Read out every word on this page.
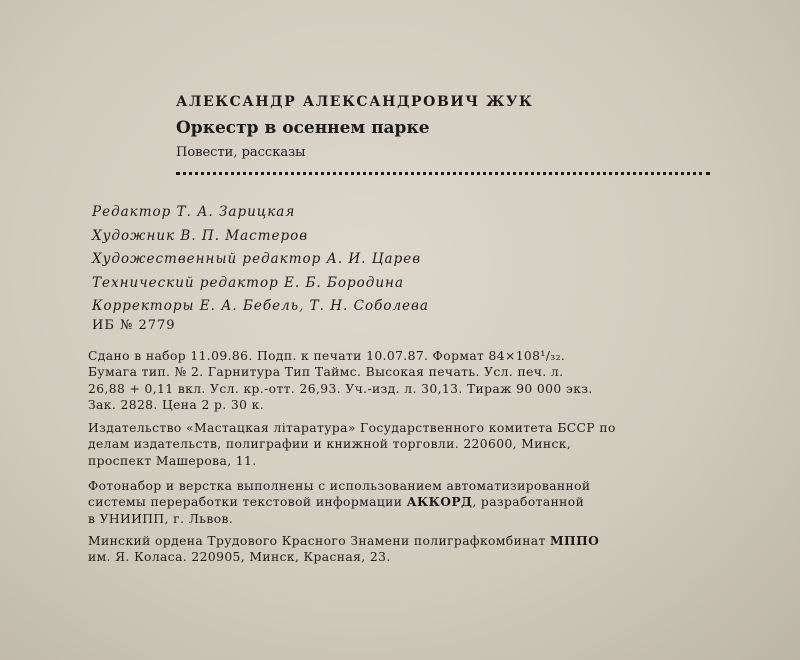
АЛЕКСАНДР АЛЕКСАНДРОВИЧ ЖУК
Оркестр в осеннем парке
Повести, рассказы
Редактор Т. А. Зарицкая
Художник В. П. Мастеров
Художественный редактор А. И. Царев
Технический редактор Е. Б. Бородина
Корректоры Е. А. Бебель, Т. Н. Соболева
ИБ № 2779
Сдано в набор 11.09.86. Подп. к печати 10.07.87. Формат 84×108¹/₃₂.
Бумага тип. № 2. Гарнитура Тип Таймс. Высокая печать. Усл. печ. л.
26,88 + 0,11 вкл. Усл. кр.-отт. 26,93. Уч.-изд. л. 30,13. Тираж 90 000 экз.
Зак. 2828. Цена 2 р. 30 к.
Издательство «Мастацкая літаратура» Государственного комитета БССР по
делам издательств, полиграфии и книжной торговли. 220600, Минск,
проспект Машерова, 11.
Фотонабор и верстка выполнены с использованием автоматизированной
системы переработки текстовой информации АККОРД, разработанной
в УНИИПП, г. Львов.
Минский ордена Трудового Красного Знамени полиграфкомбинат МППО
им. Я. Коласа. 220905, Минск, Красная, 23.
